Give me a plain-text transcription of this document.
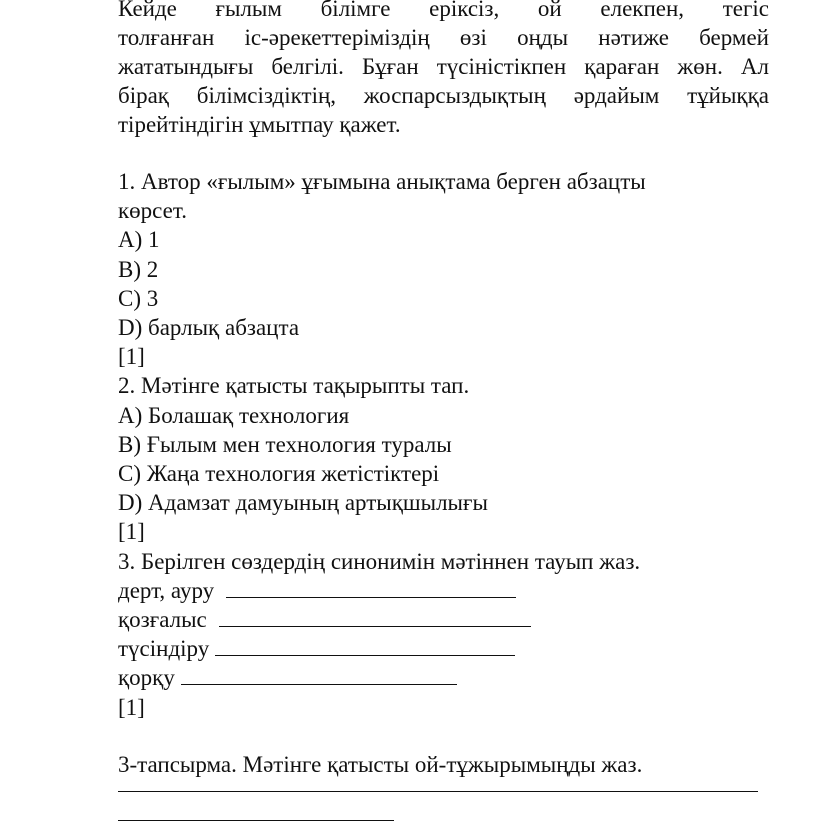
Кейде ғылым білімге еріксіз, ой елекпен, тегіс
толғанған іс-әрекеттеріміздің өзі оңды нәтиже бермей
жататындығы белгілі. Бұған түсіністікпен қараған жөн. Ал
бірақ білімсіздіктің, жоспарсыздықтың әрдайым тұйыққа
тірейтіндігін ұмытпау қажет.

1. Автор «ғылым» ұғымына анықтама берген абзацты

көрсет.

A) 1

B) 2

C) 3

D) барлық абзацта

[1]

2. Мәтінге қатысты тақырыпты тап.

A) Болашақ технология

B) Ғылым мен технология туралы

C) Жаңа технология жетістіктері

D) Адамзат дамуының артықшылығы

[1]

3. Берілген сөздердің синонимін мәтіннен тауып жаз.

дерт, ауру

қозғалыс

түсіндіру

қорқу

[1]

3-тапсырма. Мәтінге қатысты ой-тұжырымыңды жаз.
